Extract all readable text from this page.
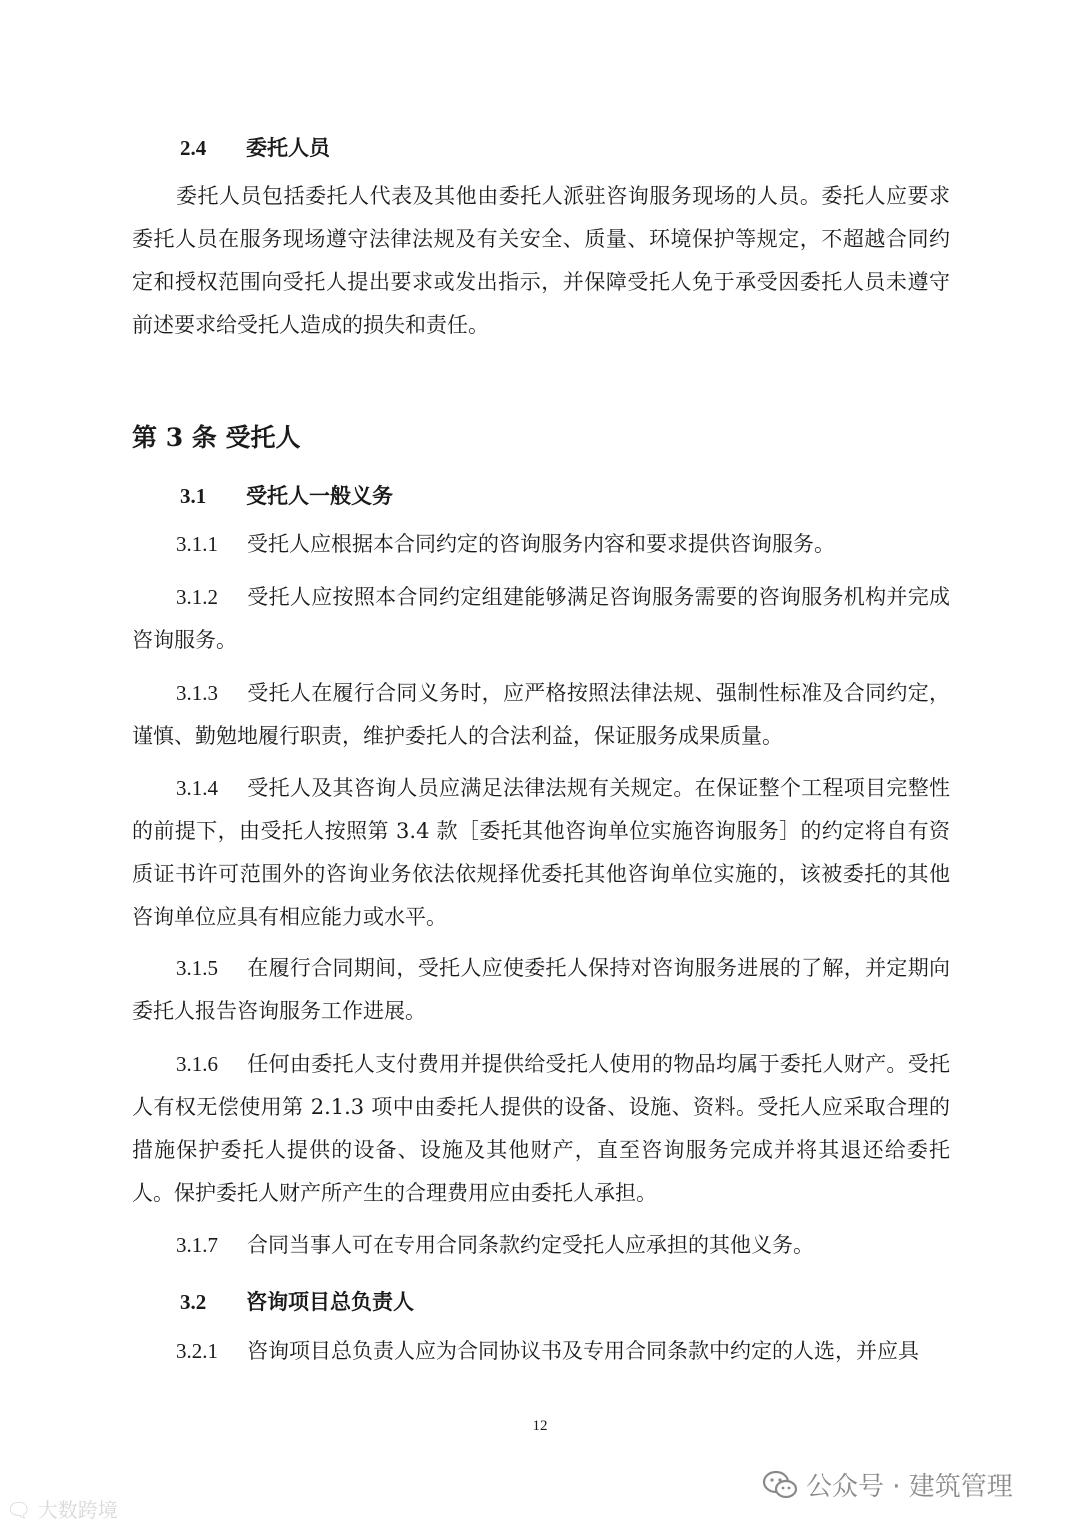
2.4 委托人员
委托人员包括委托人代表及其他由委托人派驻咨询服务现场的人员。委托人应要求委托人员在服务现场遵守法律法规及有关安全、质量、环境保护等规定，不超越合同约定和授权范围向受托人提出要求或发出指示，并保障受托人免于承受因委托人员未遵守前述要求给受托人造成的损失和责任。
第 3 条 受托人
3.1 受托人一般义务
3.1.1 受托人应根据本合同约定的咨询服务内容和要求提供咨询服务。
3.1.2 受托人应按照本合同约定组建能够满足咨询服务需要的咨询服务机构并完成咨询服务。
3.1.3 受托人在履行合同义务时，应严格按照法律法规、强制性标准及合同约定，谨慎、勤勉地履行职责，维护委托人的合法利益，保证服务成果质量。
3.1.4 受托人及其咨询人员应满足法律法规有关规定。在保证整个工程项目完整性的前提下，由受托人按照第 3.4 款［委托其他咨询单位实施咨询服务］的约定将自有资质证书许可范围外的咨询业务依法依规择优委托其他咨询单位实施的，该被委托的其他咨询单位应具有相应能力或水平。
3.1.5 在履行合同期间，受托人应使委托人保持对咨询服务进展的了解，并定期向委托人报告咨询服务工作进展。
3.1.6 任何由委托人支付费用并提供给受托人使用的物品均属于委托人财产。受托人有权无偿使用第 2.1.3 项中由委托人提供的设备、设施、资料。受托人应采取合理的措施保护委托人提供的设备、设施及其他财产，直至咨询服务完成并将其退还给委托人。保护委托人财产所产生的合理费用应由委托人承担。
3.1.7 合同当事人可在专用合同条款约定受托人应承担的其他义务。
3.2 咨询项目总负责人
3.2.1 咨询项目总负责人应为合同协议书及专用合同条款中约定的人选，并应具
12
🗨 大数跨境
公众号 · 建筑管理
